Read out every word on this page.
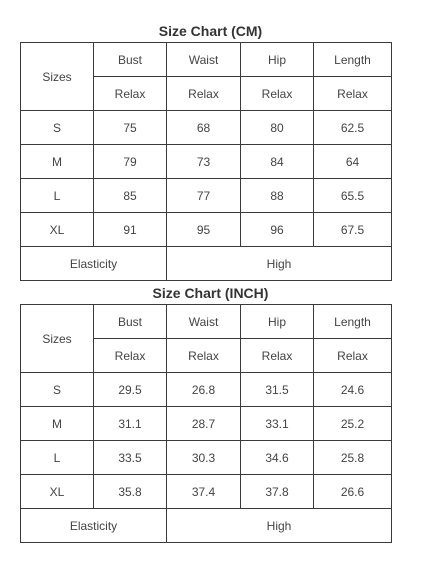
Size Chart (CM)
Sizes	Bust	Waist	Hip	Length
	Relax	Relax	Relax	Relax
S	75	68	80	62.5
M	79	73	84	64
L	85	77	88	65.5
XL	91	95	96	67.5
Elasticity		High		
Size Chart (INCH)
Sizes	Bust	Waist	Hip	Length
	Relax	Relax	Relax	Relax
S	29.5	26.8	31.5	24.6
M	31.1	28.7	33.1	25.2
L	33.5	30.3	34.6	25.8
XL	35.8	37.4	37.8	26.6
Elasticity		High		
